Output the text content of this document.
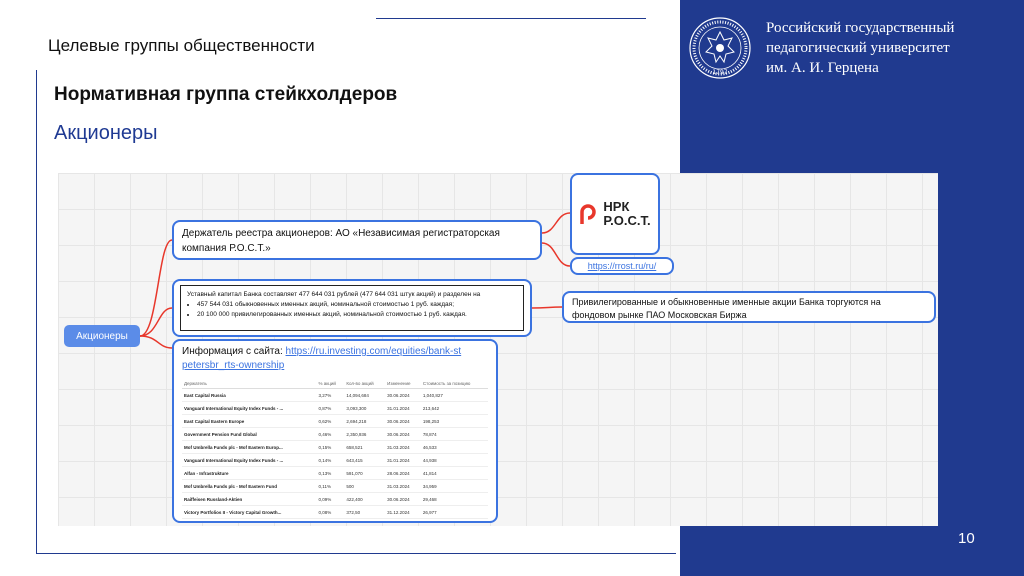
Целевые группы общественности
Нормативная группа стейкхолдеров
Акционеры
1797
Российский государственный
педагогический университет
им. А. И. Герцена
10
Акционеры
Держатель реестра акционеров: АО «Независимая регистраторская компания Р.О.С.Т.»
Уставный капитал Банка составляет 477 644 031 рублей (477 644 031 штук акций) и разделен на
• 457 544 031 обыкновенных именных акций, номинальной стоимостью 1 руб. каждая;
• 20 100 000 привилегированных именных акций, номинальной стоимостью 1 руб. каждая.
Информация с сайта: https://ru.investing.com/equities/bank-st petersbr_rts-ownership
Держатель	% акций	Кол-во акций	Изменение	Стоимость за позицию
East Capital Russia	3,27%	14,094,684	30.06.2024	1,040,827
Vanguard International Equity Index Funds - ...	0,87%	3,093,300	31.01.2024	213,642
East Capital Eastern Europe	0,62%	2,694,218	30.06.2024	198,253
Government Pension Fund Global	0,46%	2,350,936	30.06.2024	78,874
Mof Umbrella Funds plc - Mof Eastern Europ...	0,15%	658,521	31.03.2024	46,533
Vanguard International Equity Index Funds - ...	0,14%	643,415	31.01.2024	44,938
Alfan - Infrastrukture	0,13%	591,070	28.06.2024	41,814
Mof Umbrella Funds plc - Mof Eastern Fund	0,11%	500	31.03.2024	34,959
Raiffeisen Russland-Aktien	0,09%	422,400	30.06.2024	29,468
Victory Portfolios II - Victory Capital Growth...	0,08%	372,50	31.12.2024	26,977
НРК
Р.О.С.Т.
https://rrost.ru/ru/
Привилегированные и обыкновенные именные акции Банка торгуются на фондовом рынке ПАО Московская Биржа
